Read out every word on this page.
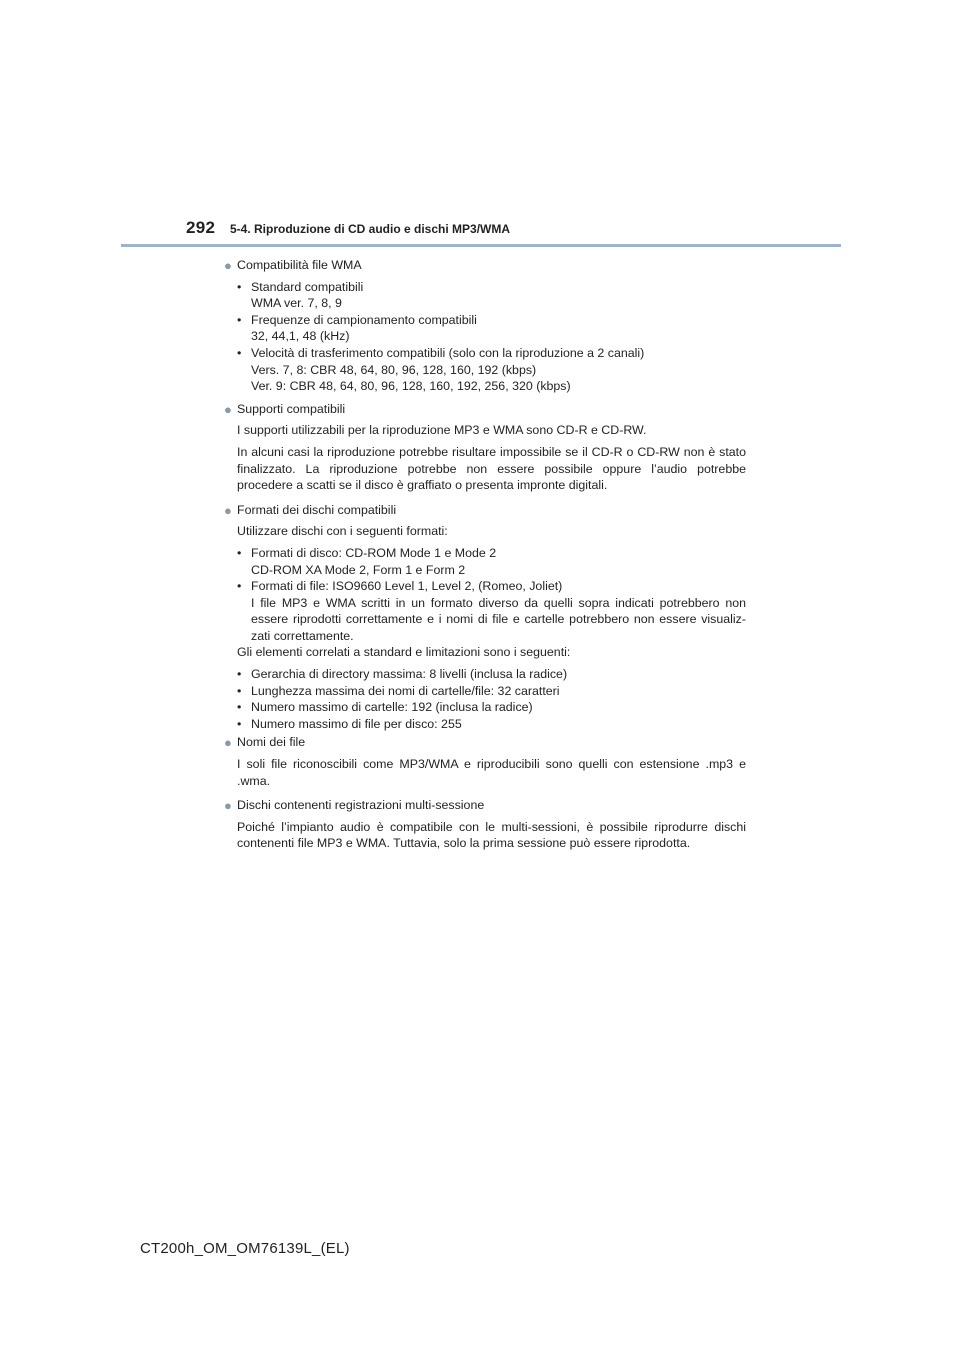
292 5-4. Riproduzione di CD audio e dischi MP3/WMA
● Compatibilità file WMA
• Standard compatibili
WMA ver. 7, 8, 9
• Frequenze di campionamento compatibili
32, 44,1, 48 (kHz)
• Velocità di trasferimento compatibili (solo con la riproduzione a 2 canali)
Vers. 7, 8: CBR 48, 64, 80, 96, 128, 160, 192 (kbps)
Ver. 9: CBR 48, 64, 80, 96, 128, 160, 192, 256, 320 (kbps)
● Supporti compatibili

I supporti utilizzabili per la riproduzione MP3 e WMA sono CD-R e CD-RW.

In alcuni casi la riproduzione potrebbe risultare impossibile se il CD-R o CD-RW non è stato finalizzato. La riproduzione potrebbe non essere possibile oppure l’audio potrebbe procedere a scatti se il disco è graffiato o presenta impronte digitali.

● Formati dei dischi compatibili

Utilizzare dischi con i seguenti formati:

• Formati di disco: CD-ROM Mode 1 e Mode 2
CD-ROM XA Mode 2, Form 1 e Form 2
• Formati di file: ISO9660 Level 1, Level 2, (Romeo, Joliet)
I file MP3 e WMA scritti in un formato diverso da quelli sopra indicati potrebbero non essere riprodotti correttamente e i nomi di file e cartelle potrebbero non essere visualiz-zati correttamente.
Gli elementi correlati a standard e limitazioni sono i seguenti:
• Gerarchia di directory massima: 8 livelli (inclusa la radice)
• Lunghezza massima dei nomi di cartelle/file: 32 caratteri
• Numero massimo di cartelle: 192 (inclusa la radice)
• Numero massimo di file per disco: 255
● Nomi dei file

I soli file riconoscibili come MP3/WMA e riproducibili sono quelli con estensione .mp3 e .wma.

● Dischi contenenti registrazioni multi-sessione

Poiché l’impianto audio è compatibile con le multi-sessioni, è possibile riprodurre dischi contenenti file MP3 e WMA. Tuttavia, solo la prima sessione può essere riprodotta.

CT200h_OM_OM76139L_(EL)
